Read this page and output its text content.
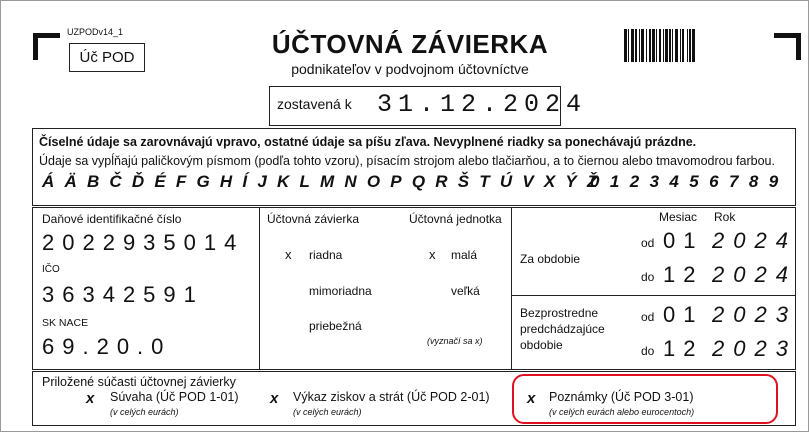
UZPODv14_1
Úč POD	ÚČTOVNÁ ZÁVIERKA
podnikateľov v podvojnom účtovníctve
zostavená k 31.12.2024
Číselné údaje sa zarovnávajú vpravo, ostatné údaje sa píšu zľava. Nevyplnené riadky sa ponechávajú prázdne.
Údaje sa vypĺňajú paličkovým písmom (podľa tohto vzoru), písacím strojom alebo tlačiarňou, a to čiernou alebo tmavomodrou farbou.
ÁÄBČĎÉFGHÍJKLMNOPQRŠTÚVXÝŽ
0123456789
Daňové identifikačné číslo
2022935014
IČO
36342591
SK NACE
69.20.0
Účtovná závierka
x riadna
mimoriadna
priebežná
Účtovná jednotka
x malá
veľká
(vyznačí sa x)
Mesiac Rok
Za obdobie
od 01 2024
do 12 2024
Bezprostredne
predchádzajúce
obdobie
od 01 2023
do 12 2023
Priložené súčasti účtovnej závierky
x Súvaha (Úč POD 1-01)
(v celých eurách)
x Výkaz ziskov a strát (Úč POD 2-01)
(v celých eurách)
x Poznámky (Úč POD 3-01)
(v celých eurách alebo eurocentoch)
